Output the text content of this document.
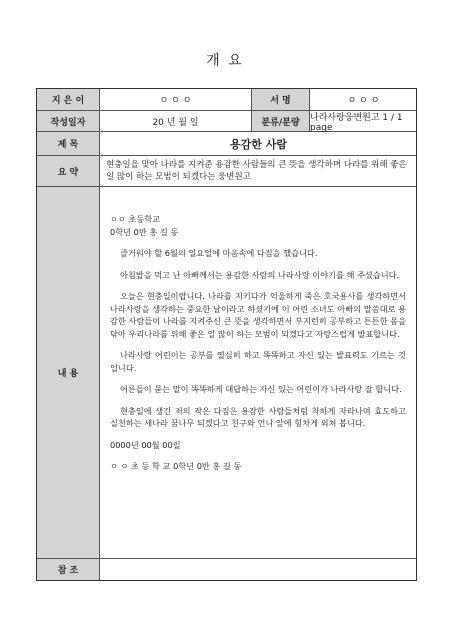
개 요
지 은 이	ㅇ ㅇ ㅇ	서 명	ㅇ ㅇ ㅇ
작성일자	20 년 월 일	분류/분량	나라사랑웅변원고 1 / 1 page
제 목	용감한 사람
요 약
현충일을 맞아 나라를 지켜준 용감한 사람들의 큰 뜻을 생각하며 나라를 위해 좋은 일 많이 하는 모범이 되겠다는 웅변원고
내 용

ㅇㅇ 초등학교

0학년 0반 홍 길 동

즐거워야 할 6월의 일요일에 마음속에 다짐을 했습니다.

아침밥을 먹고 난 아빠께서는 용감한 사람의 나라사랑 이야기를 해 주셨습니다.

오늘은 현충일이랍니다. 나라를 지키다가 억울하게 죽은 호국용사를 생각하면서 나라사랑을 생각하는 중요한 날이라고 하셨기에 이 어린 소녀도 아빠의 말씀대로 용감한 사람들이 나라를 지켜주신 큰 뜻을 생각하면서 부지런히 공부하고 튼튼한 몸을 닦아 우리나라를 위해 좋은 일 많이 하는 모범이 되겠다고 자랑스럽게 발표합니다.

나라사랑 어린이는 공부를 열심히 하고 똑똑하고 자신 있는 발표력도 기르는 것입니다.

어른들이 묻는 말이 똑똑하게 대답하는 자신 있는 어린이가 나라사랑 잘 합니다.

현충일에 생긴 저의 작은 다짐은 용감한 사람들처럼 착하게 자라나며 효도하고 실천하는 새나라 꿈나무 되겠다고 친구와 언니 앞에 힘차게 외쳐 봅니다.

0000년 00월 00일

ㅇ ㅇ 초 등 학 교 0학년 0반 홍 길 동

참 조
